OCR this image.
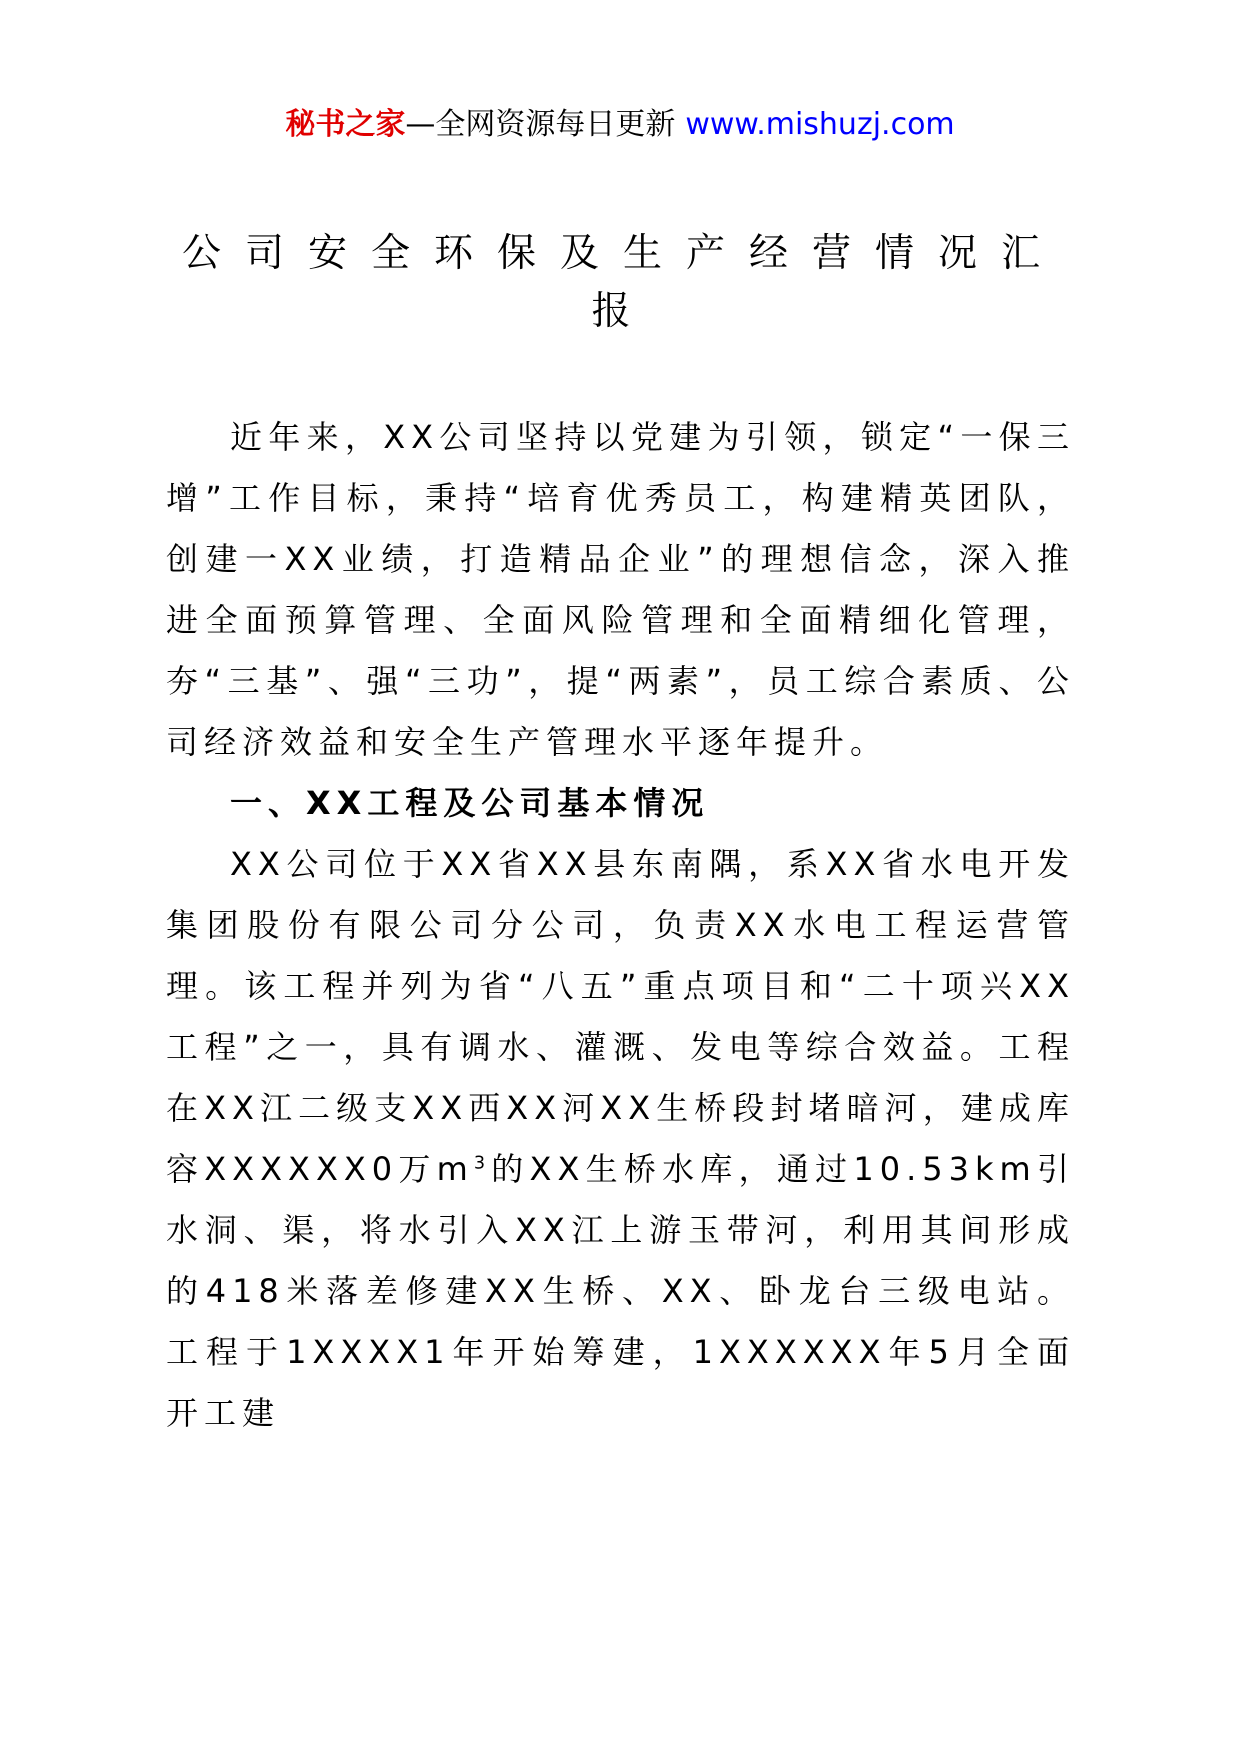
秘书之家—全网资源每日更新 www.mishuzj.com
公司安全环保及生产经营情况汇报

近年来，XX公司坚持以党建为引领，锁定“一保三增”工作目标，秉持“培育优秀员工，构建精英团队，创建一XX业绩，打造精品企业”的理想信念，深入推进全面预算管理、全面风险管理和全面精细化管理，夯“三基”、强“三功”，提“两素”，员工综合素质、公司经济效益和安全生产管理水平逐年提升。

一、XX工程及公司基本情况

XX公司位于XX省XX县东南隅，系XX省水电开发集团股份有限公司分公司，负责XX水电工程运营管理。该工程并列为省“八五”重点项目和“二十项兴XX工程”之一，具有调水、灌溉、发电等综合效益。工程在XX江二级支XX西XX河XX生桥段封堵暗河，建成库容XXXXXX0万$m^3$的XX生桥水库，通过10.53km引水洞、渠，将水引入XX江上游玉带河，利用其间形成的418米落差修建XX生桥、XX、卧龙台三级电站。工程于1XXXX1年开始筹建，1XXXXXX年5月全面开工建
